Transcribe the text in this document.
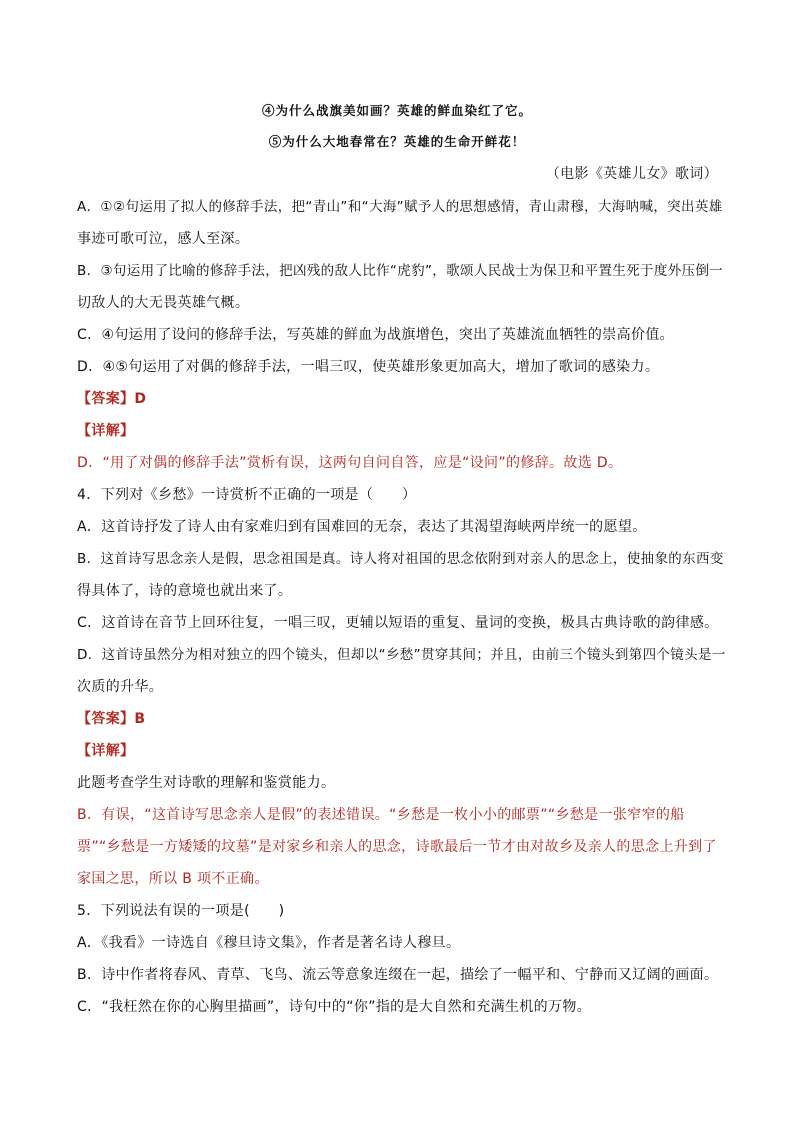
④为什么战旗美如画？英雄的鲜血染红了它。
⑤为什么大地春常在？英雄的生命开鲜花！
（电影《英雄儿女》歌词）
A．①②句运用了拟人的修辞手法，把“青山”和“大海”赋予人的思想感情，青山肃穆，大海呐喊，突出英雄
事迹可歌可泣，感人至深。
B．③句运用了比喻的修辞手法，把凶残的敌人比作“虎豹”，歌颂人民战士为保卫和平置生死于度外压倒一
切敌人的大无畏英雄气概。
C．④句运用了设问的修辞手法，写英雄的鲜血为战旗增色，突出了英雄流血牺牲的崇高价值。
D．④⑤句运用了对偶的修辞手法，一唱三叹，使英雄形象更加高大，增加了歌词的感染力。
【答案】D
【详解】
D．“用了对偶的修辞手法”赏析有误，这两句自问自答，应是“设问”的修辞。故选 D。
4．下列对《乡愁》一诗赏析不正确的一项是（　　）
A．这首诗抒发了诗人由有家难归到有国难回的无奈，表达了其渴望海峡两岸统一的愿望。
B．这首诗写思念亲人是假，思念祖国是真。诗人将对祖国的思念依附到对亲人的思念上，使抽象的东西变
得具体了，诗的意境也就出来了。
C．这首诗在音节上回环往复，一唱三叹，更辅以短语的重复、量词的变换，极具古典诗歌的韵律感。
D．这首诗虽然分为相对独立的四个镜头，但却以“乡愁”贯穿其间；并且，由前三个镜头到第四个镜头是一
次质的升华。
【答案】B
【详解】
此题考查学生对诗歌的理解和鉴赏能力。
B．有误，“这首诗写思念亲人是假”的表述错误。“乡愁是一枚小小的邮票”“乡愁是一张窄窄的船
票”“乡愁是一方矮矮的坟墓”是对家乡和亲人的思念，诗歌最后一节才由对故乡及亲人的思念上升到了
家国之思，所以 B 项不正确。
5．下列说法有误的一项是(　　)
A．《我看》一诗选自《穆旦诗文集》，作者是著名诗人穆旦。
B．诗中作者将春风、青草、飞鸟、流云等意象连缀在一起，描绘了一幅平和、宁静而又辽阔的画面。
C．“我枉然在你的心胸里描画”，诗句中的“你”指的是大自然和充满生机的万物。
